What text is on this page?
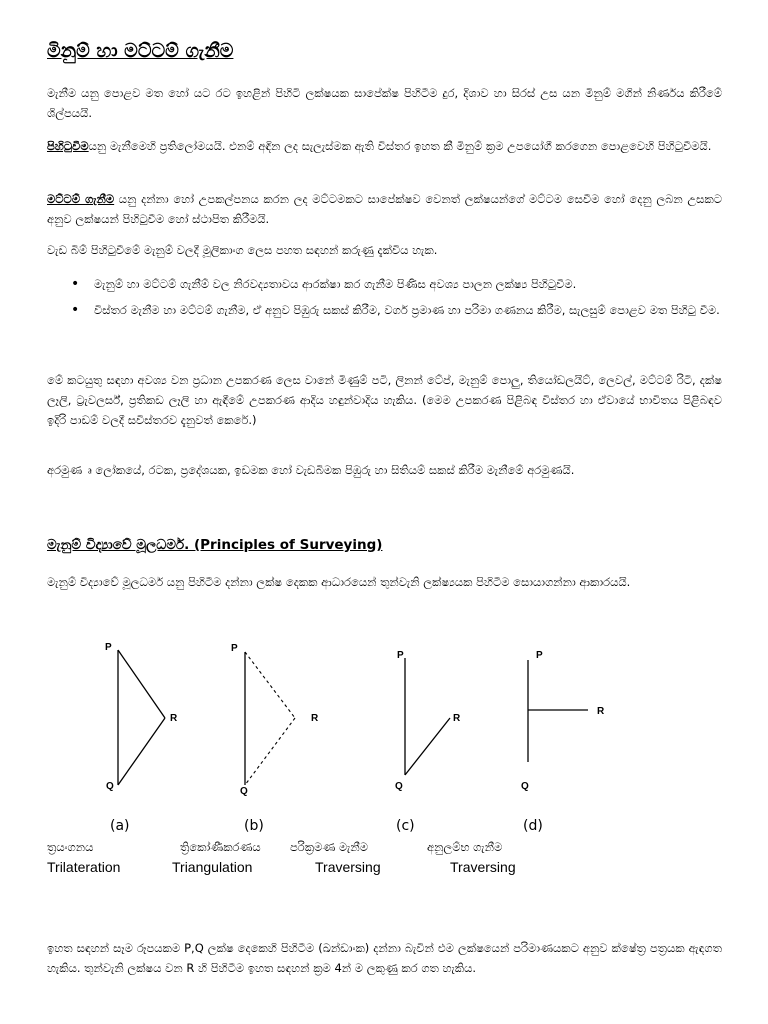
මිනුම් හා මට්ටම් ගැනීම
මැනීම යනු පොළව මත හෝ යට රට ඉහළින් පිහිටි ලක්ෂයක සාපේක්ෂ පිහිටීම දුර, දිශාව හා සිරස් උස යන මිනුම් මගින් නිර්ණය කිරීමේ ශිල්පයයි.
පිහිටුවීමයනු මැනීමෙහි ප්‍රතිලෝමයයි. එනම් අඳින ලද සැලැස්මක ඇති විස්තර ඉහත කී මිනුම් ක්‍රම උපයෝගී කරගෙන පොළවෙහි පිහිටුවීමයි.
මට්ටම් ගැනීම යනු දන්නා හෝ උපකල්පනය කරන ලද මට්ටමකට සාපේක්ෂව වෙනත් ලක්ෂයන්ගේ මට්ටම සෙවීම හෝ දෙනු ලබන උසකට අනුව ලක්ෂයන් පිහිටුවීම හෝ ස්ථාපිත කිරීමයි.
වැඩ බිම් පිහිටුවීමේ මැනුම් වලදී මූලිකාංග ලෙස පහත සඳහන් කරුණු දැක්විය හැක.
• මැනුම් හා මට්ටම් ගැනීම් වල නිරවද්‍යතාවය ආරක්ෂා කර ගැනීම පිණිස අවශ්‍ය පාලන ලක්ෂ්‍ය පිහිටුවීම.
• විස්තර මැනීම හා මට්ටම් ගැනීම, ඒ අනුව පිඹුරු සකස් කිරීම, වර්ග ප්‍රමාණ හා පරිමා ගණනය කිරීම, සැලසුම් පොළව මත පිහිටු වීම.
මේ කටයුතු සඳහා අවශ්‍ය වන ප්‍රධාන උපකරණ ලෙස වානේ මිණුම් පටි, ලිනන් ටේප්, මැනුම් පොලු, තියෝඩලයිට්, ලෙවල්, මට්ටම් රිටි, දක්ෂ ලෑලි, ට්‍රැවලර්ස්, ප්‍රතිකඩ ලෑලි හා ඇඳීමේ උපකරණ ආදිය හඳුන්වාදිය හැකිය. (මෙම උපකරණ පිළිබඳ විස්තර හා ඒවායේ භාවිතය පිළිබඳව ඉදිරි පාඩම් වලදී සවිස්තරව දැනුවත් කෙරේ.)
අරමුණ ෘ ලෝකයේ, රටක, ප්‍රදේශයක, ඉඩමක හෝ වැඩබිමක පිඹුරු හා සිතියම් සකස් කිරීම මැනීමේ අරමුණයි.
මැනුම් විද්‍යාවේ මූලධර්ම. (Principles of Surveying)
මැනුම් විද්‍යාවේ මූලධර්ම යනු පිහිටීම දන්නා ලක්ෂ දෙකක ආධාරයෙන් තුන්වැනි ලක්ෂ්‍යයක පිහිටීම සොයාගන්නා ආකාරයයි.
P
R
Q
P
R
Q
P
R
Q
P
R
Q
(a)	(b)	(c)	(d)
ත්‍රයංගනය	ත්‍රිකෝණීකරණය	පරික්‍රමණ මැනීම	අනුලම්භ ගැනීම
Trilateration	Triangulation	Traversing	Traversing
ඉහත සඳහන් සෑම රූපයකම P,Q ලක්ෂ දෙකෙහි පිහිටීම (ඛන්ඩාංක) දන්නා බැවින් එම ලක්ෂයෙන් පරිමාණයකට අනුව ක්ෂේත්‍ර පත්‍රයක ඇඳගත හැකිය. තුන්වැනි ලක්ෂය වන R හි පිහිටීම ඉහත සඳහන් ක්‍රම 4න් ම ලකුණු කර ගත හැකිය.
